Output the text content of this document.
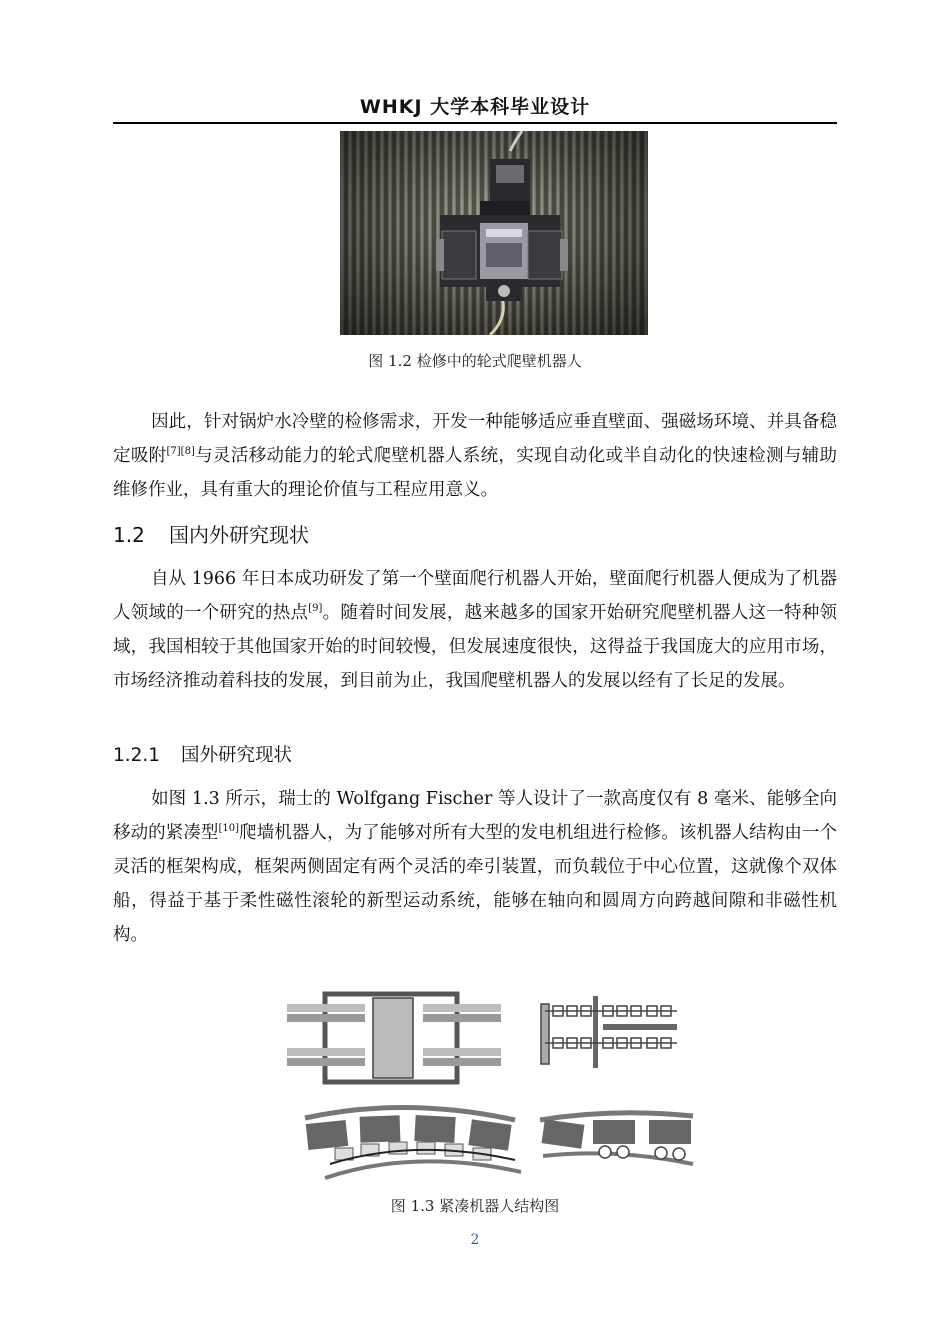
WHKJ 大学本科毕业设计
图 1.2 检修中的轮式爬壁机器人
因此，针对锅炉水冷壁的检修需求，开发一种能够适应垂直壁面、强磁场环境、并具备稳定吸附[7][8]与灵活移动能力的轮式爬壁机器人系统，实现自动化或半自动化的快速检测与辅助维修作业，具有重大的理论价值与工程应用意义。
1.2 国内外研究现状
自从 1966 年日本成功研发了第一个壁面爬行机器人开始，壁面爬行机器人便成为了机器人领域的一个研究的热点[9]。随着时间发展，越来越多的国家开始研究爬壁机器人这一特种领域，我国相较于其他国家开始的时间较慢，但发展速度很快，这得益于我国庞大的应用市场，市场经济推动着科技的发展，到目前为止，我国爬壁机器人的发展以经有了长足的发展。
1.2.1 国外研究现状
如图 1.3 所示，瑞士的 Wolfgang Fischer 等人设计了一款高度仅有 8 毫米、能够全向移动的紧凑型[10]爬墙机器人，为了能够对所有大型的发电机组进行检修。该机器人结构由一个灵活的框架构成，框架两侧固定有两个灵活的牵引装置，而负载位于中心位置，这就像个双体船，得益于基于柔性磁性滚轮的新型运动系统，能够在轴向和圆周方向跨越间隙和非磁性机构。
图 1.3 紧凑机器人结构图
2
